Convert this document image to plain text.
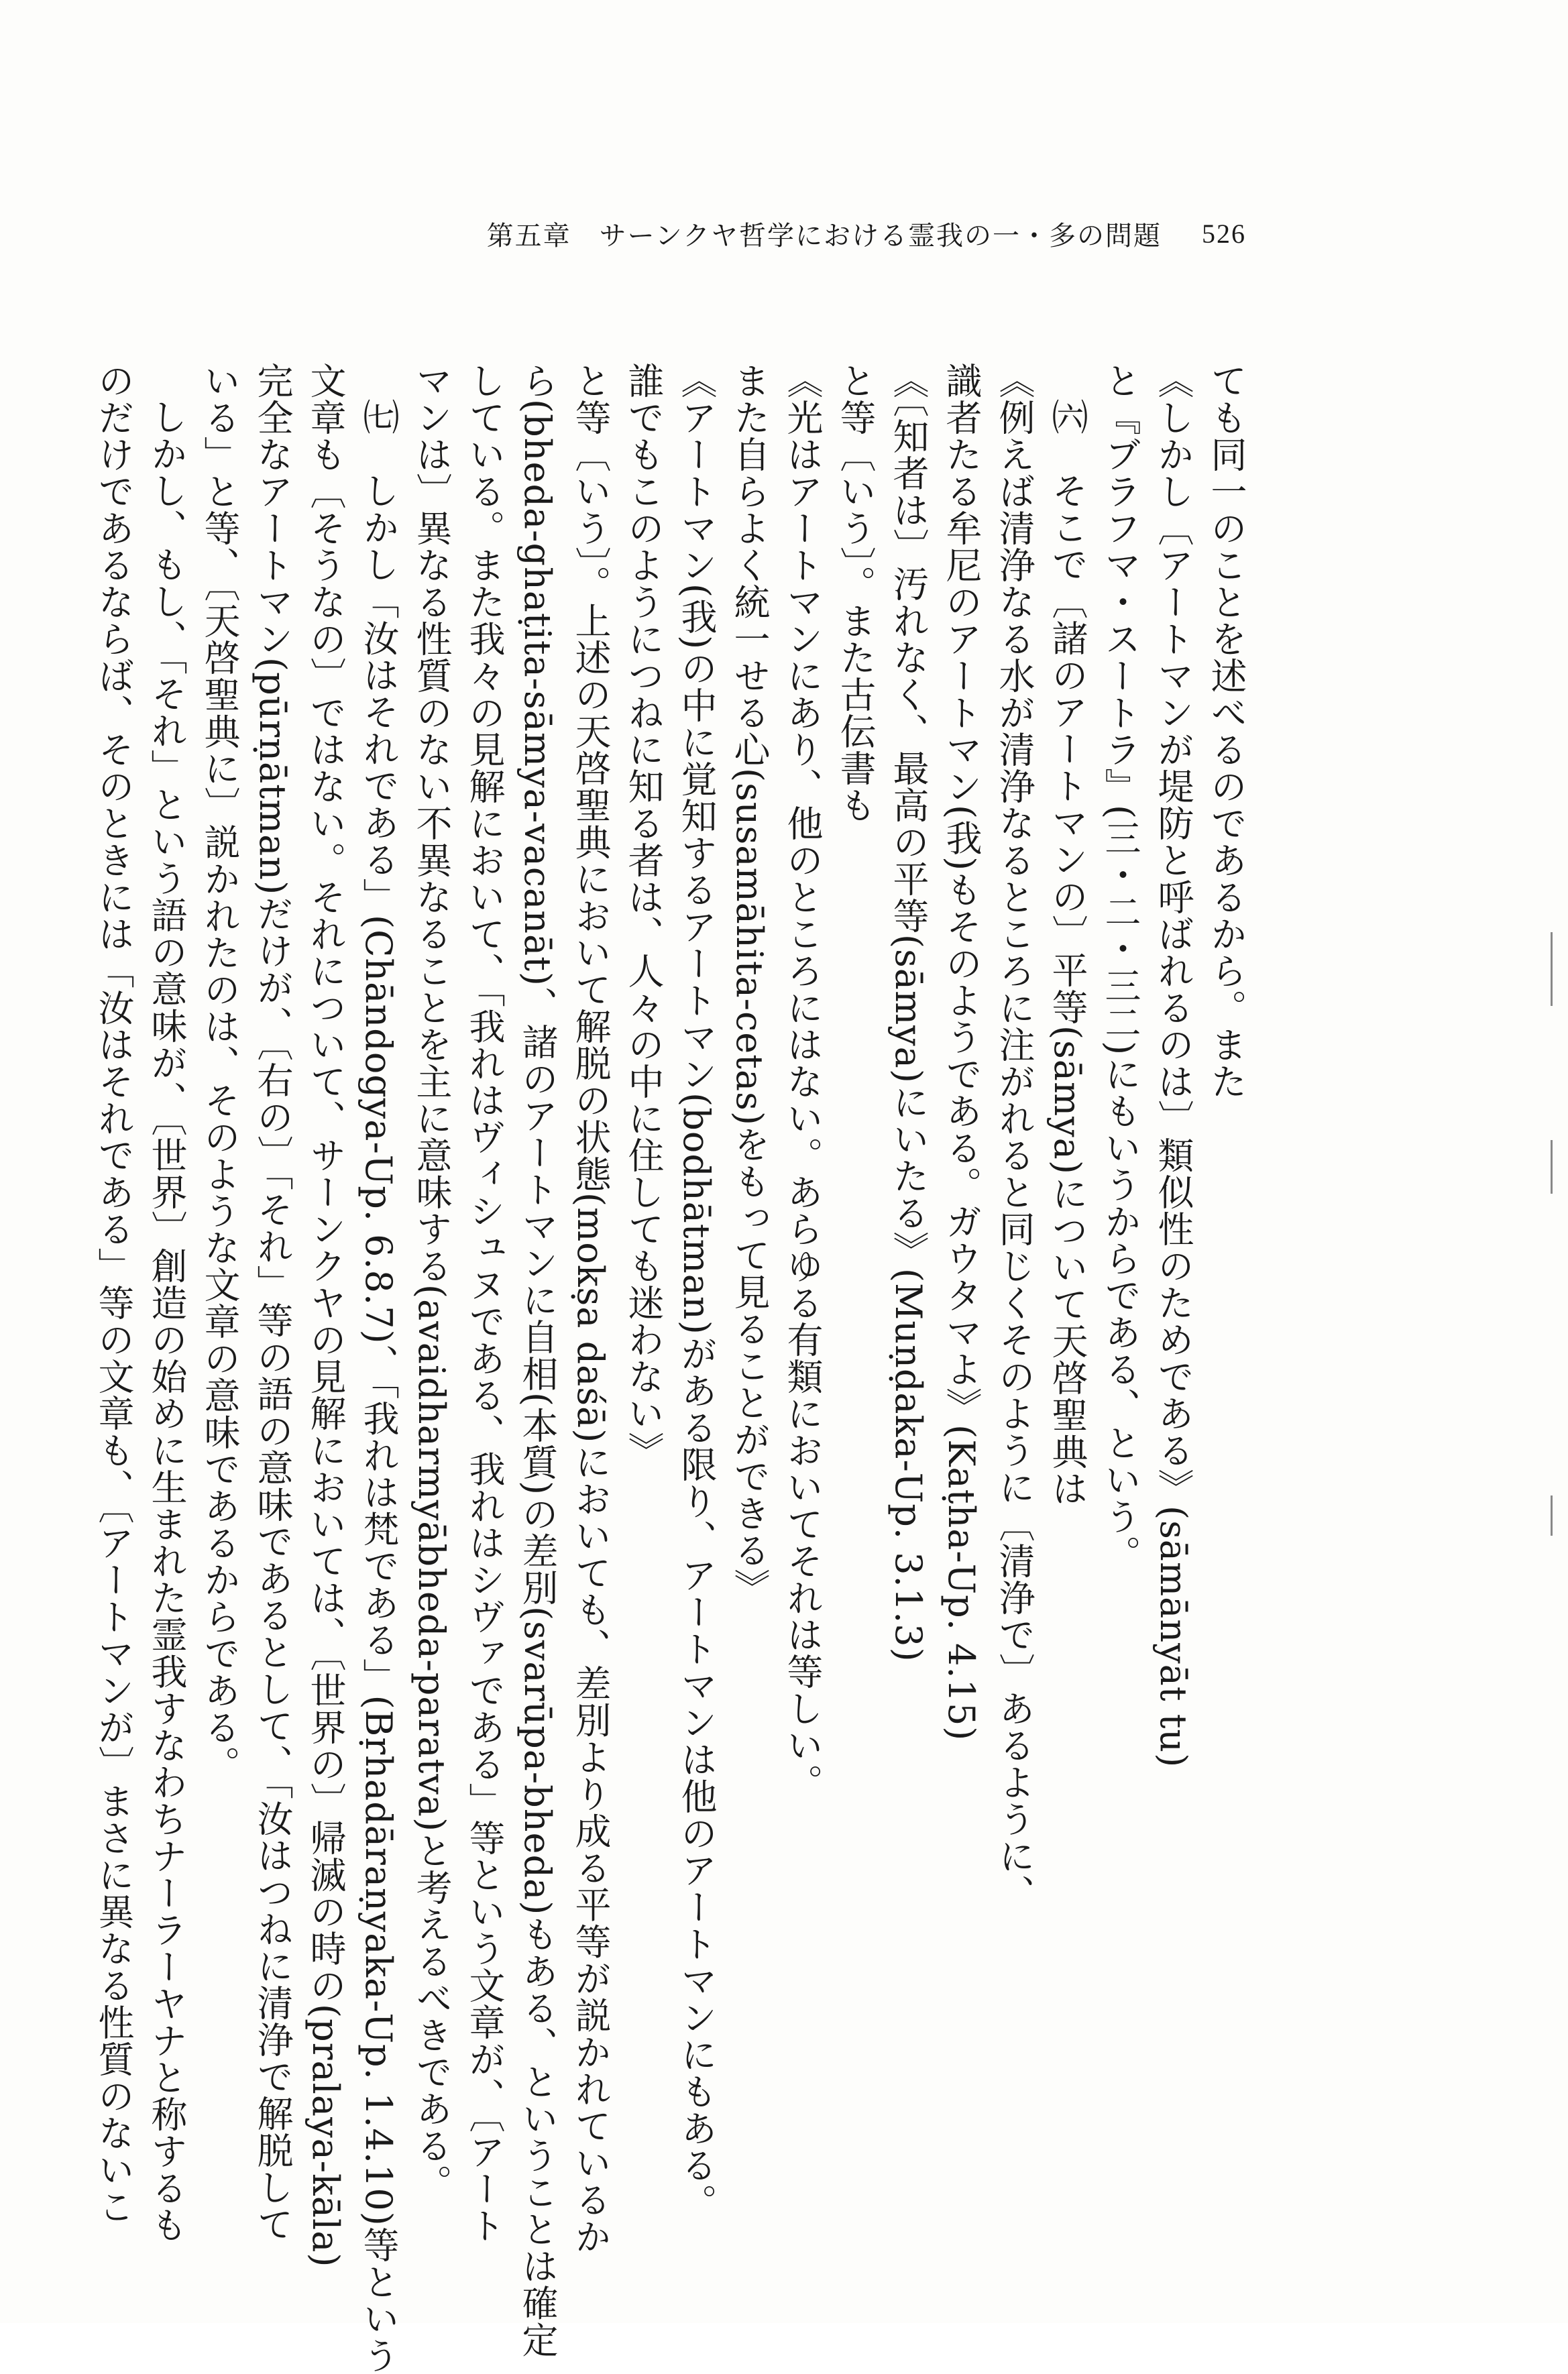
第五章　サーンクヤ哲学における霊我の一・多の問題 526
ても同一のことを述べるのであるから。また
《しかし〔アートマンが堤防と呼ばれるのは〕類似性のためである》(sāmānyāt tu)
と『ブラフマ・スートラ』(三・二・三二)にもいうからである、という。
㈥　そこで〔諸のアートマンの〕平等(sāmya)について天啓聖典は
《例えば清浄なる水が清浄なるところに注がれると同じくそのように〔清浄で〕あるように、
識者たる牟尼のアートマン(我)もそのようである。ガウタマよ》(Kaṭha-Up. 4.15)
《〔知者は〕汚れなく、最高の平等(sāmya)にいたる》(Muṇḍaka-Up. 3.1.3)
と等〔いう〕。また古伝書も
《光はアートマンにあり、他のところにはない。あらゆる有類においてそれは等しい。
また自らよく統一せる心(susamāhita-cetas)をもって見ることができる》
《アートマン(我)の中に覚知するアートマン(bodhātman)がある限り、アートマンは他のアートマンにもある。
誰でもこのようにつねに知る者は、人々の中に住しても迷わない》
と等〔いう〕。上述の天啓聖典において解脱の状態(mokṣa daśā)においても、差別より成る平等が説かれているか
ら(bheda-ghaṭita-sāmya-vacanāt)、諸のアートマンに自相(本質)の差別(svarūpa-bheda)もある、ということは確定
している。また我々の見解において、「我れはヴィシュヌである、我れはシヴァである」等という文章が、〔アート
マンは〕異なる性質のない不異なることを主に意味する(avaidharmyābheda-paratva)と考えるべきである。
㈦　しかし「汝はそれである」(Chāndogya-Up. 6.8.7)、「我れは梵である」(Bṛhadāraṇyaka-Up. 1.4.10)等という
文章も〔そうなの〕ではない。それについて、サーンクヤの見解においては、〔世界の〕帰滅の時の(pralaya-kāla)
完全なアートマン(pūrṇātman)だけが、〔右の〕「それ」等の語の意味であるとして、「汝はつねに清浄で解脱して
いる」と等、〔天啓聖典に〕説かれたのは、そのような文章の意味であるからである。
しかし、もし、「それ」という語の意味が、〔世界〕創造の始めに生まれた霊我すなわちナーラーヤナと称するも
のだけであるならば、そのときには「汝はそれである」等の文章も、〔アートマンが〕まさに異なる性質のないこ
